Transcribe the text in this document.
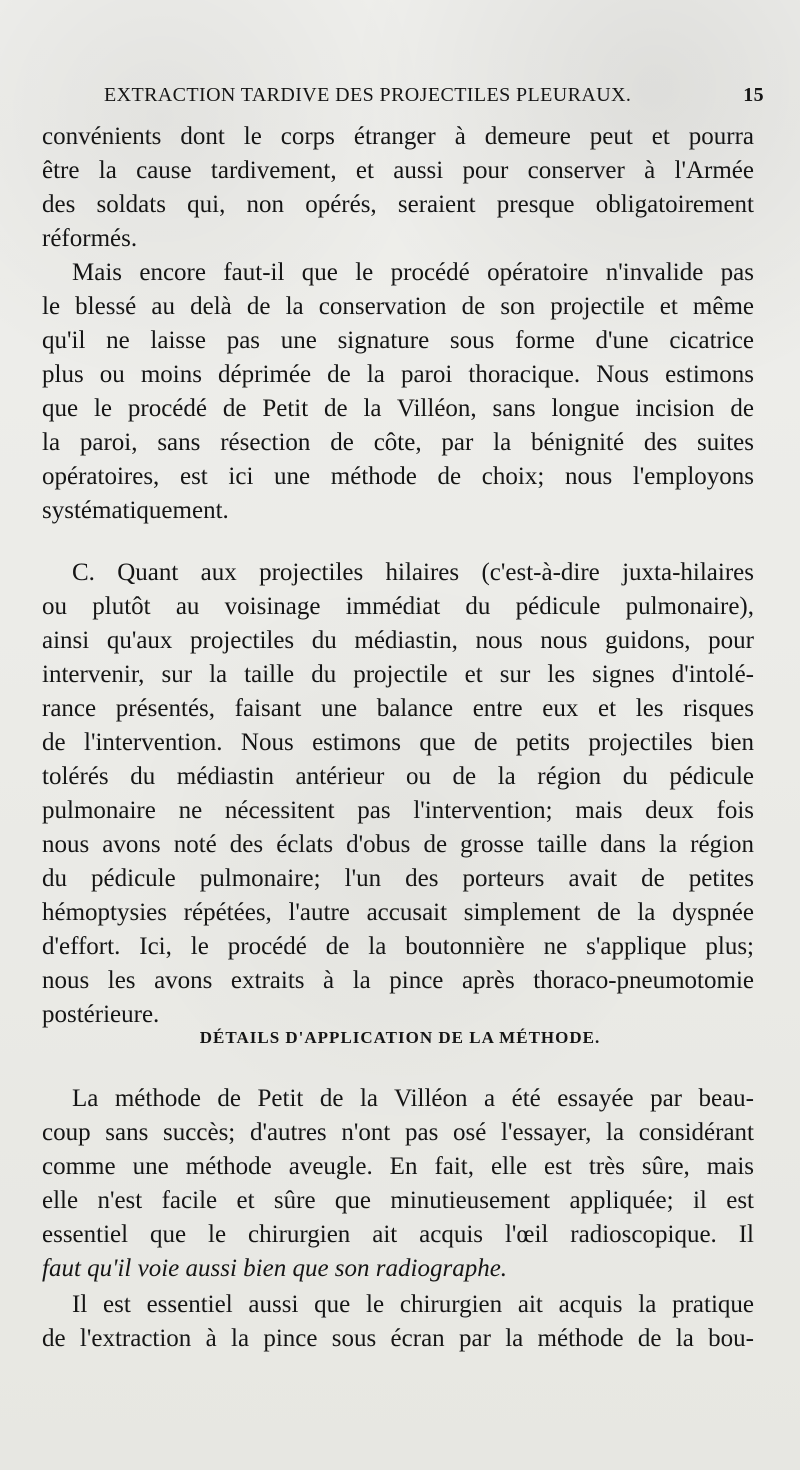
EXTRACTION TARDIVE DES PROJECTILES PLEURAUX.	15
convénients dont le corps étranger à demeure peut et pourra
être la cause tardivement, et aussi pour conserver à l'Armée
des soldats qui, non opérés, seraient presque obligatoirement
réformés.
Mais encore faut-il que le procédé opératoire n'invalide pas
le blessé au delà de la conservation de son projectile et même
qu'il ne laisse pas une signature sous forme d'une cicatrice
plus ou moins déprimée de la paroi thoracique. Nous estimons
que le procédé de Petit de la Villéon, sans longue incision de
la paroi, sans résection de côte, par la bénignité des suites
opératoires, est ici une méthode de choix; nous l'employons
systématiquement.
C. Quant aux projectiles hilaires (c'est-à-dire juxta-hilaires
ou plutôt au voisinage immédiat du pédicule pulmonaire),
ainsi qu'aux projectiles du médiastin, nous nous guidons, pour
intervenir, sur la taille du projectile et sur les signes d'intolé-
rance présentés, faisant une balance entre eux et les risques
de l'intervention. Nous estimons que de petits projectiles bien
tolérés du médiastin antérieur ou de la région du pédicule
pulmonaire ne nécessitent pas l'intervention; mais deux fois
nous avons noté des éclats d'obus de grosse taille dans la région
du pédicule pulmonaire; l'un des porteurs avait de petites
hémoptysies répétées, l'autre accusait simplement de la dyspnée
d'effort. Ici, le procédé de la boutonnière ne s'applique plus;
nous les avons extraits à la pince après thoraco-pneumotomie
postérieure.
DÉTAILS D'APPLICATION DE LA MÉTHODE.
La méthode de Petit de la Villéon a été essayée par beau-
coup sans succès; d'autres n'ont pas osé l'essayer, la considérant
comme une méthode aveugle. En fait, elle est très sûre, mais
elle n'est facile et sûre que minutieusement appliquée; il est
essentiel que le chirurgien ait acquis l'œil radioscopique. Il
faut qu'il voie aussi bien que son radiographe.
Il est essentiel aussi que le chirurgien ait acquis la pratique
de l'extraction à la pince sous écran par la méthode de la bou-
